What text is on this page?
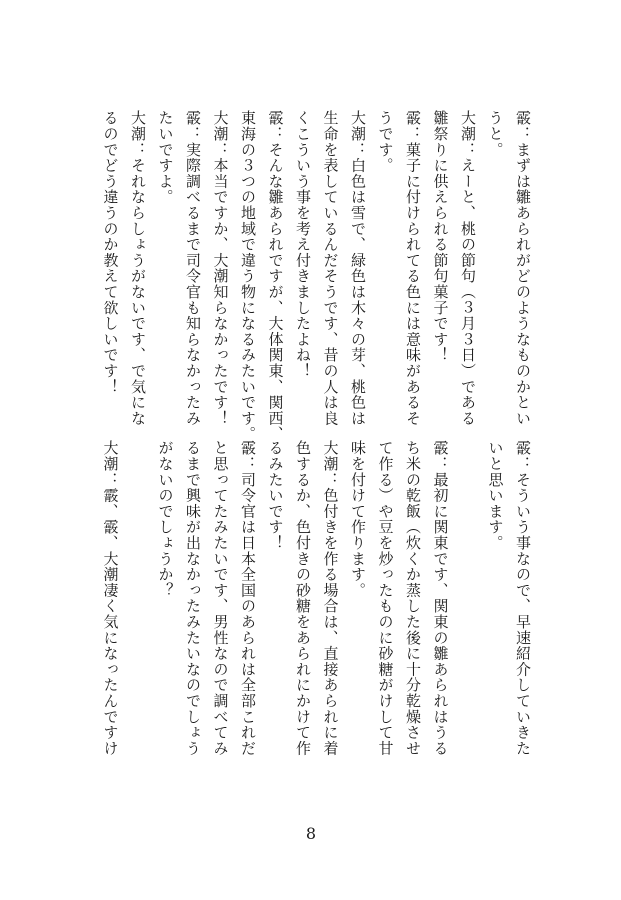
霰：まずは雛あられがどのようなものかとい

うと。

大潮：えーと、桃の節句（３月３日）である

雛祭りに供えられる節句菓子です！

霰：菓子に付けられてる色には意味があるそ

うです。

大潮：白色は雪で、緑色は木々の芽、桃色は

生命を表しているんだそうです、昔の人は良

くこういう事を考え付きましたよね！

霰：そんな雛あられですが、大体関東、関西、

東海の３つの地域で違う物になるみたいです。

大潮：本当ですか、大潮知らなかったです！

霰：実際調べるまで司令官も知らなかったみ

たいですよ。

大潮：それならしょうがないです、で気にな

るのでどう違うのか教えて欲しいです！

霰：そういう事なので、早速紹介していきた

いと思います。

霰：最初に関東です、関東の雛あられはうる

ち米の乾飯（炊くか蒸した後に十分乾燥させ

て作る）や豆を炒ったものに砂糖がけして甘

味を付けて作ります。

大潮：色付きを作る場合は、直接あられに着

色するか、色付きの砂糖をあられにかけて作

るみたいです！

霰：司令官は日本全国のあられは全部これだ

と思ってたみたいです、男性なので調べてみ

るまで興味が出なかったみたいなのでしょう

がないのでしょうか？

大潮：霰、霰、大潮凄く気になったんですけ

8
